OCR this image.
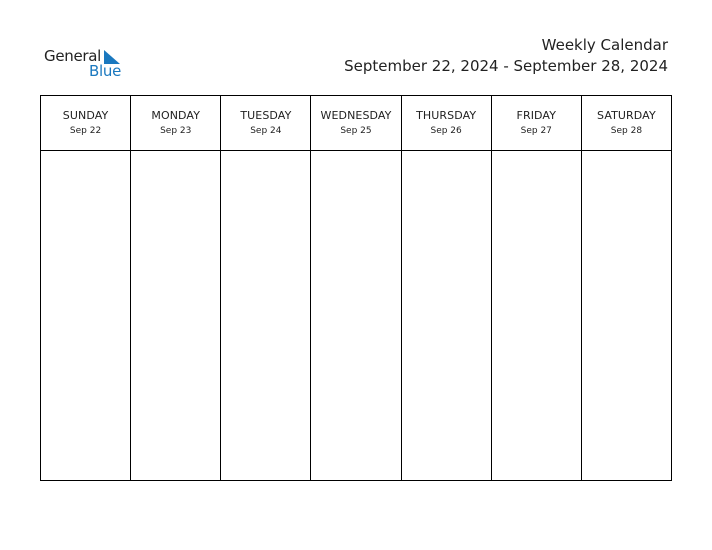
General
Blue
Weekly Calendar
September 22, 2024 - September 28, 2024
SUNDAY
Sep 22
MONDAY
Sep 23
TUESDAY
Sep 24
WEDNESDAY
Sep 25
THURSDAY
Sep 26
FRIDAY
Sep 27
SATURDAY
Sep 28
